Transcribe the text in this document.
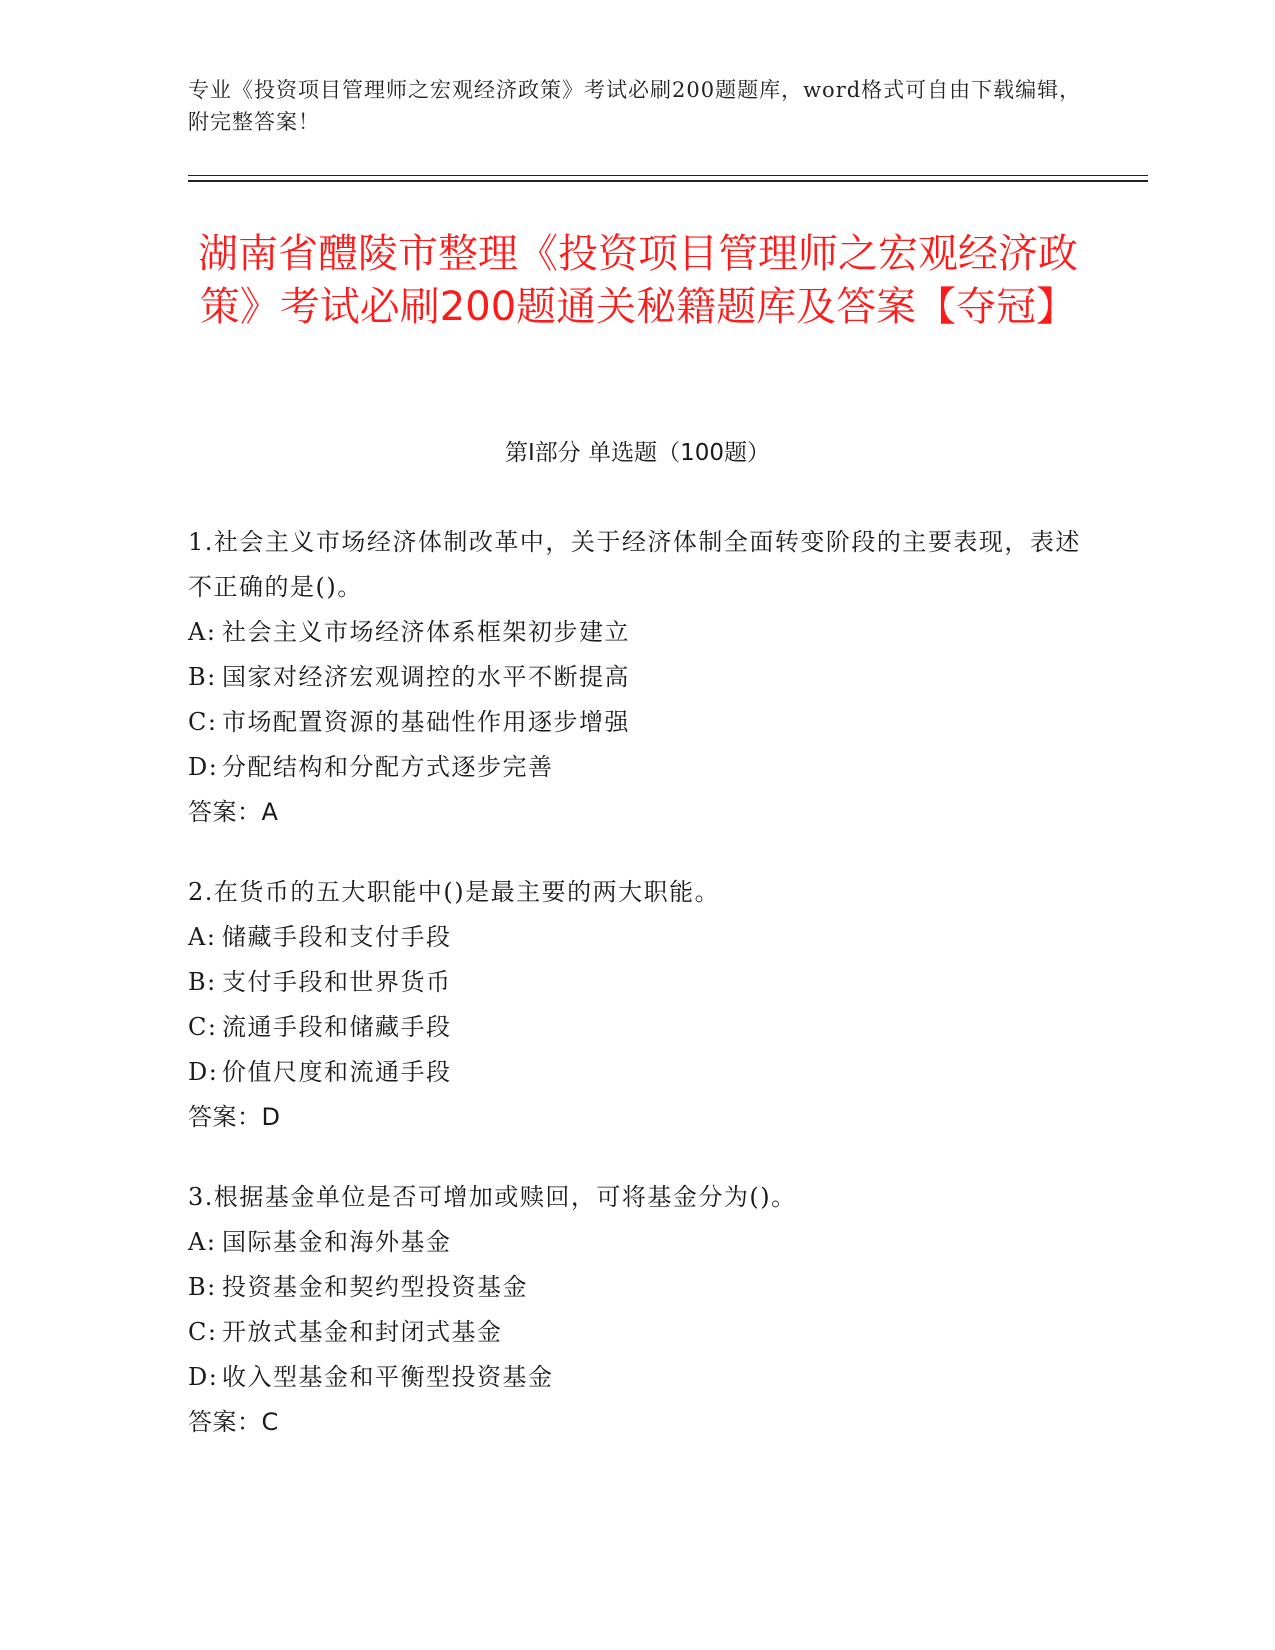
专业《投资项目管理师之宏观经济政策》考试必刷200题题库，word格式可自由下载编辑，附完整答案！
湖南省醴陵市整理《投资项目管理师之宏观经济政策》考试必刷200题通关秘籍题库及答案【夺冠】
第I部分 单选题（100题）
1.社会主义市场经济体制改革中，关于经济体制全面转变阶段的主要表现，表述不正确的是()。
A: 社会主义市场经济体系框架初步建立
B: 国家对经济宏观调控的水平不断提高
C: 市场配置资源的基础性作用逐步增强
D: 分配结构和分配方式逐步完善
答案：A
2.在货币的五大职能中()是最主要的两大职能。
A: 储藏手段和支付手段
B: 支付手段和世界货币
C: 流通手段和储藏手段
D: 价值尺度和流通手段
答案：D
3.根据基金单位是否可增加或赎回，可将基金分为()。
A: 国际基金和海外基金
B: 投资基金和契约型投资基金
C: 开放式基金和封闭式基金
D: 收入型基金和平衡型投资基金
答案：C
